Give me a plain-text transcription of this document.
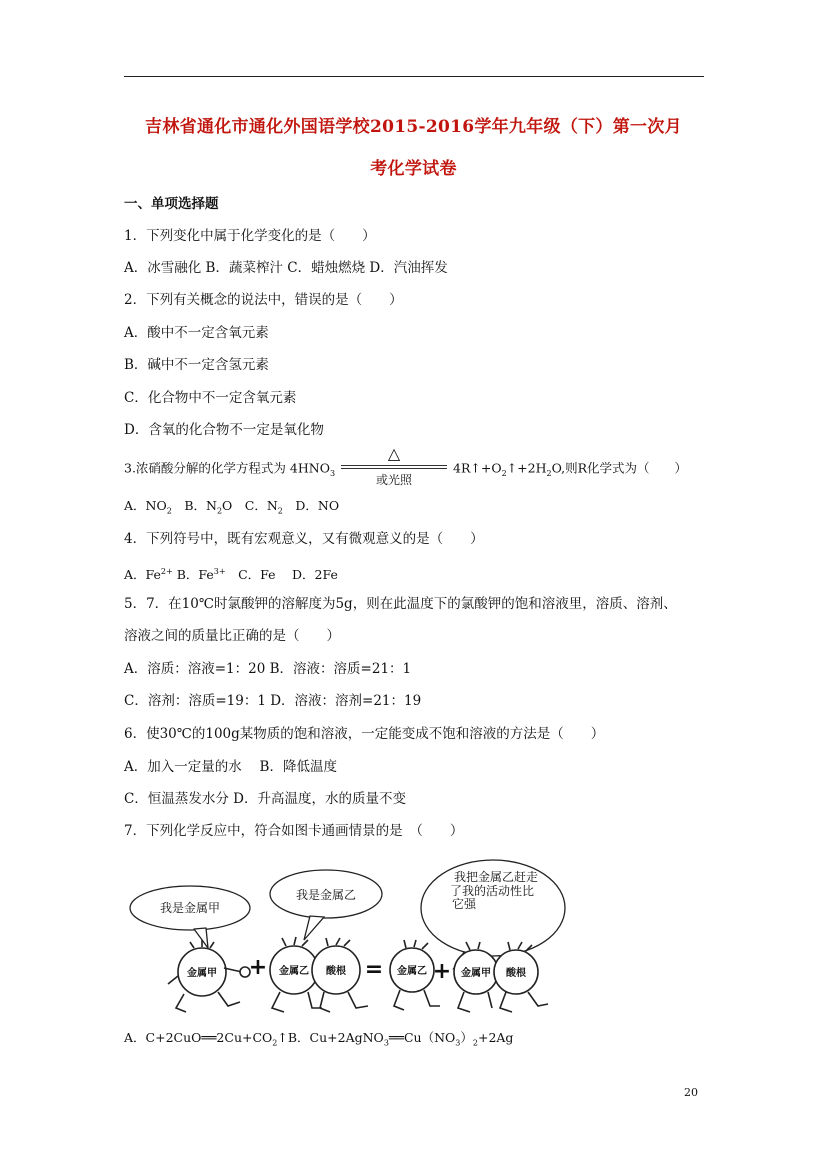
吉林省通化市通化外国语学校2015-2016学年九年级（下）第一次月
考化学试卷
一、单项选择题
1．下列变化中属于化学变化的是（　　）
A．冰雪融化 B．蔬菜榨汁 C．蜡烛燃烧 D．汽油挥发
2．下列有关概念的说法中，错误的是（　　）
A．酸中不一定含氧元素
B．碱中不一定含氢元素
C．化合物中不一定含氧元素
D．含氧的化合物不一定是氧化物
3.浓硝酸分解的化学方程式为 $4HNO_3$
△
或光照
$4R↑+O_2↑+2H_2O$,则R化学式为（　　）
A．$NO_2$　B．$N_2O$　C．$N_2$　D．NO
4．下列符号中，既有宏观意义，又有微观意义的是（　　）
A．$Fe^{2+}$ B．$Fe^{3+}$　C．Fe　 D．2Fe
5．7．在10℃时氯酸钾的溶解度为5g，则在此温度下的氯酸钾的饱和溶液里，溶质、溶剂、
溶液之间的质量比正确的是（　　）
A．溶质：溶液=1：20 B．溶液：溶质=21：1
C．溶剂：溶质=19：1 D．溶液：溶剂=21：19
6．使30℃的100g某物质的饱和溶液，一定能变成不饱和溶液的方法是（　　）
A．加入一定量的水　 B．降低温度
C．恒温蒸发水分 D．升高温度，水的质量不变
7．下列化学反应中，符合如图卡通画情景的是　（　　）
我是金属甲
我是金属乙
我把金属乙赶走
了我的活动性比
它强
金属甲	金属乙 酸根	金属乙	金属甲 酸根
+	= +
A．$C+2CuO══2Cu+CO_2↑B$．$Cu+2AgNO_3══Cu(NO_3)_2+2Ag$
20
